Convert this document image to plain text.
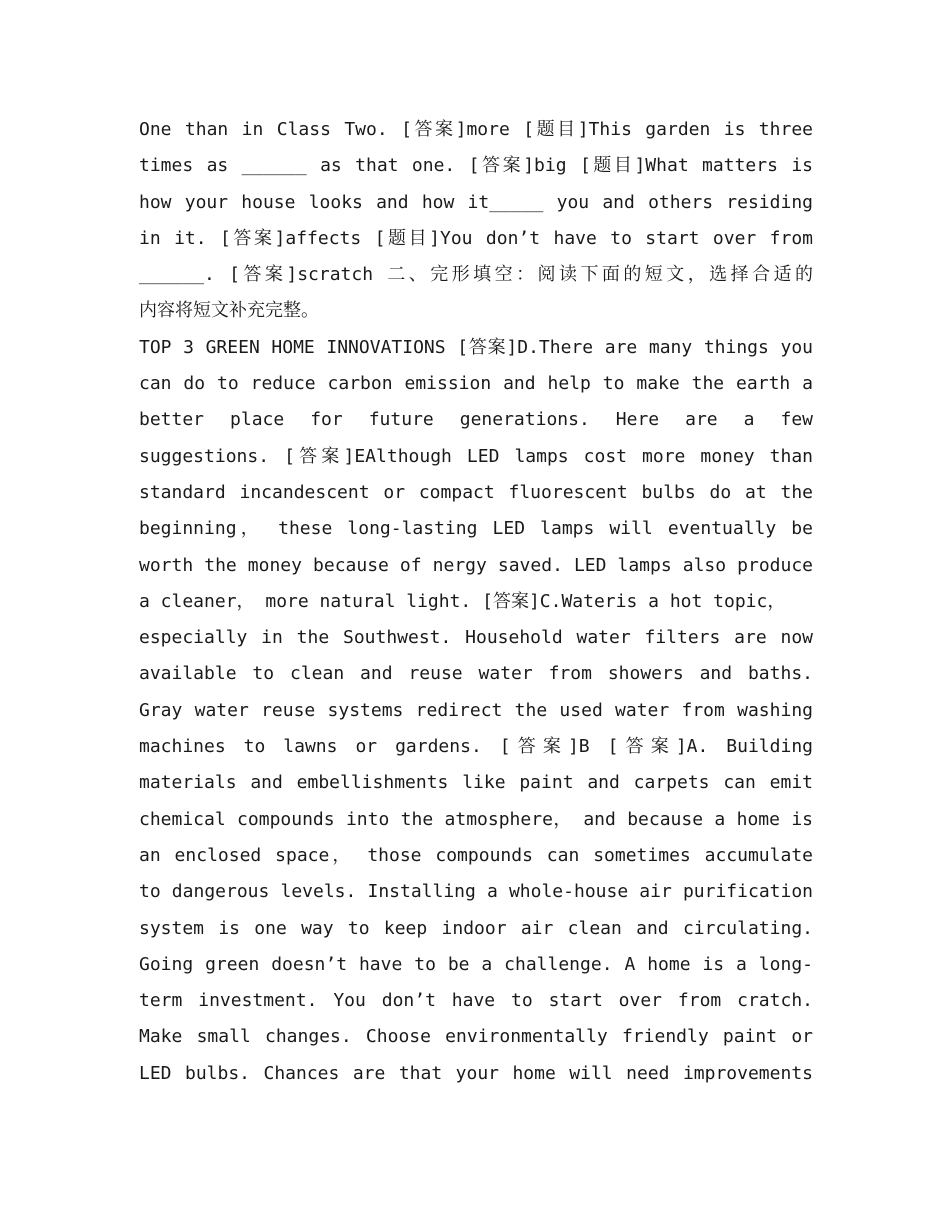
One than in Class Two. [答案]more [题目]This garden is three
times as ______ as that one. [答案]big [题目]What matters is
how your house looks and how it_____ you and others residing
in it. [答案]affects [题目]You don’t have to start over from
______. [答案]scratch 二、完形填空：阅读下面的短文，选择合适的
内容将短文补充完整。
TOP 3 GREEN HOME INNOVATIONS [答案]D.There are many things you
can do to reduce carbon emission and help to make the earth a
better place for future generations. Here are a few
suggestions. [答案]EAlthough LED lamps cost more money than
standard incandescent or compact fluorescent bulbs do at the
beginning， these long-lasting LED lamps will eventually be
worth the money because of nergy saved. LED lamps also produce
a cleaner， more natural light. [答案]C.Wateris a hot topic，
especially in the Southwest. Household water filters are now
available to clean and reuse water from showers and baths.
Gray water reuse systems redirect the used water from washing
machines to lawns or gardens. [答案]B [答案]A. Building
materials and embellishments like paint and carpets can emit
chemical compounds into the atmosphere， and because a home is
an enclosed space， those compounds can sometimes accumulate
to dangerous levels. Installing a whole-house air purification
system is one way to keep indoor air clean and circulating.
Going green doesn’t have to be a challenge. A home is a long-
term investment. You don’t have to start over from cratch.
Make small changes. Choose environmentally friendly paint or
LED bulbs. Chances are that your home will need improvements
